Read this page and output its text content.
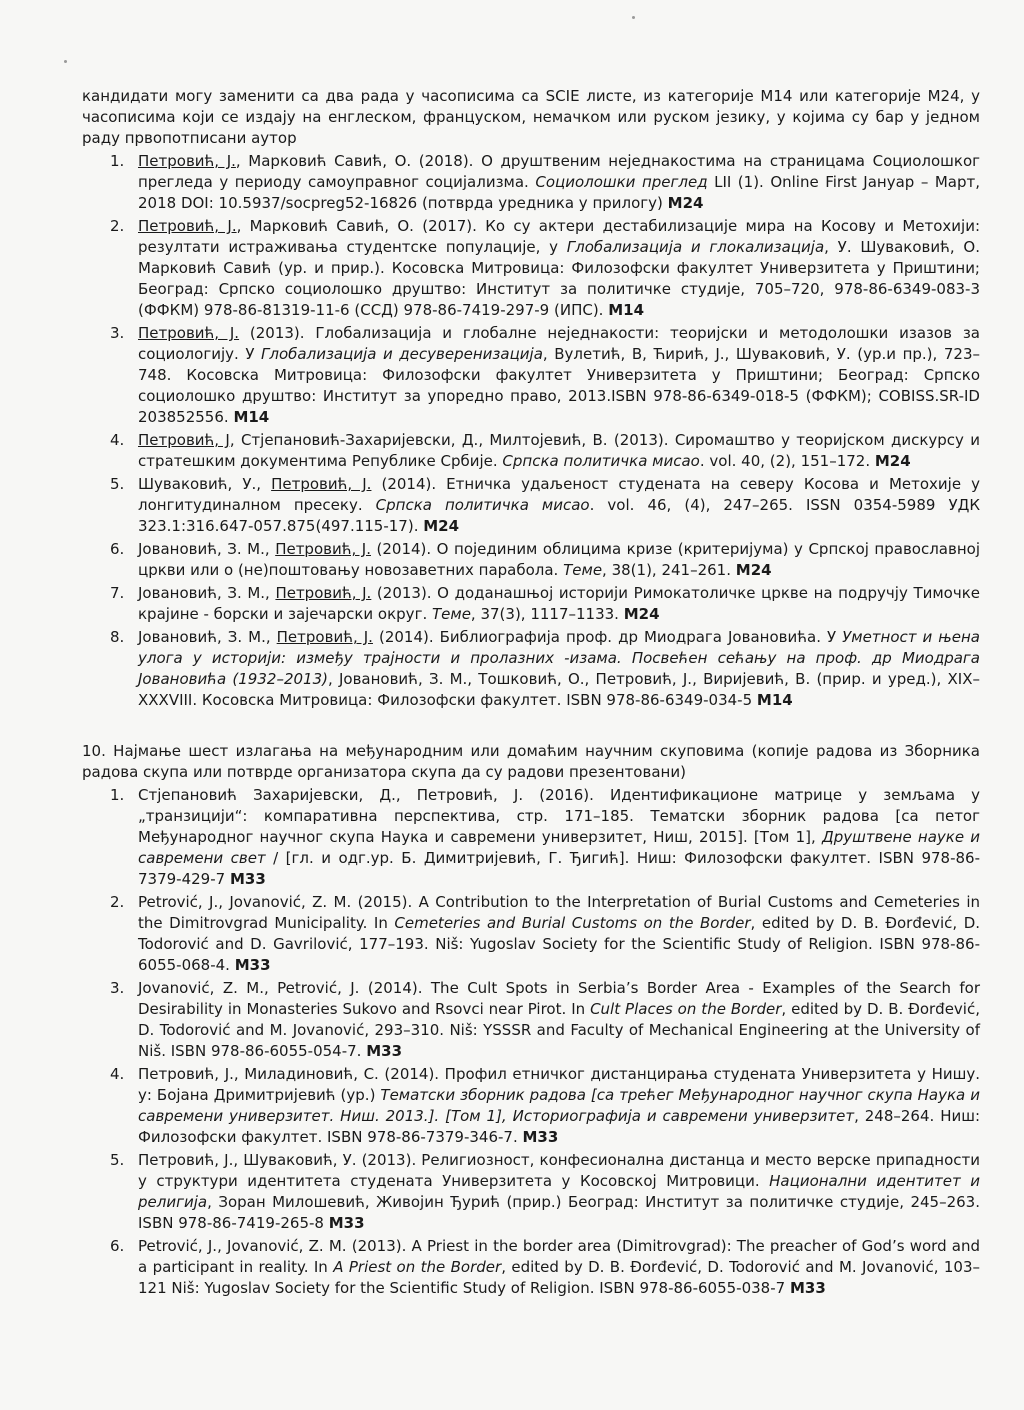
кандидати могу заменити са два рада у часописима са SCIE листе, из категорије M14 или категорије M24, у часописима који се издају на енглеском, француском, немачком или руском језику, у којима су бар у једном раду првопотписани аутор

1. Петровић, Ј., Марковић Савић, О. (2018). О друштвеним неједнакостима на страницама Социолошког прегледа у периоду самоуправног социјализма. Социолошки преглед LII (1). Online First Јануар – Март, 2018 DOI: 10.5937/socpreg52-16826 (потврда уредника у прилогу) M24
2. Петровић, Ј., Марковић Савић, О. (2017). Ко су актери дестабилизације мира на Косову и Метохији: резултати истраживања студентске популације, у Глобализација и глокализација, У. Шуваковић, О. Марковић Савић (ур. и прир.). Косовска Митровица: Филозофски факултет Универзитета у Приштини; Београд: Српско социолошко друштво: Институт за политичке студије, 705–720, 978-86-6349-083-3 (ФФКМ) 978-86-81319-11-6 (ССД) 978-86-7419-297-9 (ИПС). M14
3. Петровић, Ј. (2013). Глобализација и глобалне неједнакости: теоријски и методолошки изазов за социологију. У Глобализација и десуверенизација, Вулетић, В, Ћирић, Ј., Шуваковић, У. (ур.и пр.), 723–748. Косовска Митровица: Филозофски факултет Универзитета у Приштини; Београд: Српско социолошко друштво: Институт за упоредно право, 2013.ISBN 978-86-6349-018-5 (ФФКМ); COBISS.SR-ID 203852556. M14
4. Петровић, Ј, Стјепановић-Захаријевски, Д., Милтојевић, В. (2013). Сиромаштво у теоријском дискурсу и стратешким документима Републике Србије. Српска политичка мисао. vol. 40, (2), 151–172. M24
5. Шуваковић, У., Петровић, Ј. (2014). Етничка удаљеност студената на северу Косова и Метохије у лонгитудиналном пресеку. Српска политичка мисао. vol. 46, (4), 247–265. ISSN 0354-5989 УДК 323.1:316.647-057.875(497.115-17). M24
6. Јовановић, З. М., Петровић, Ј. (2014). О појединим облицима кризе (критеријума) у Српској православној цркви или о (не)поштовању новозаветних парабола. Теме, 38(1), 241–261. M24
7. Јовановић, З. М., Петровић, Ј. (2013). О доданашњој историји Римокатоличке цркве на подручју Тимочке крајине - борски и зајечарски округ. Теме, 37(3), 1117–1133. M24
8. Јовановић, З. М., Петровић, Ј. (2014). Библиографија проф. др Миодрага Јовановића. У Уметност и њена улога у историји: између трајности и пролазних -изама. Посвећен сећању на проф. др Миодрага Јовановића (1932–2013), Јовановић, З. М., Тошковић, О., Петровић, Ј., Виријевић, В. (прир. и уред.), XIX–XXXVIII. Косовска Митровица: Филозофски факултет. ISBN 978-86-6349-034-5 M14

10. Најмање шест излагања на међународним или домаћим научним скуповима (копије радова из Зборника радова скупа или потврде организатора скупа да су радови презентовани)

1. Стјепановић Захаријевски, Д., Петровић, Ј. (2016). Идентификационе матрице у земљама у „транзицији“: компаративна перспектива, стр. 171–185. Тематски зборник радова [са петог Међународног научног скупа Наука и савремени универзитет, Ниш, 2015]. [Том 1], Друштвене науке и савремени свет / [гл. и одг.ур. Б. Димитријевић, Г. Ђигић]. Ниш: Филозофски факултет. ISBN 978-86-7379-429-7 M33
2. Petrović, J., Jovanović, Z. M. (2015). A Contribution to the Interpretation of Burial Customs and Cemeteries in the Dimitrovgrad Municipality. In Cemeteries and Burial Customs on the Border, edited by D. B. Đorđević, D. Todorović and D. Gavrilović, 177–193. Niš: Yugoslav Society for the Scientific Study of Religion. ISBN 978-86-6055-068-4. M33
3. Jovanović, Z. M., Petrović, J. (2014). The Cult Spots in Serbia’s Border Area - Examples of the Search for Desirability in Monasteries Sukovo and Rsovci near Pirot. In Cult Places on the Border, edited by D. B. Đorđević, D. Todorović and M. Jovanović, 293–310. Niš: YSSSR and Faculty of Mechanical Engineering at the University of Niš. ISBN 978-86-6055-054-7. M33
4. Петровић, Ј., Миладиновић, С. (2014). Профил етничког дистанцирања студената Универзитета у Нишу. у: Бојана Дримитријевић (ур.) Тематски зборник радова [са трећег Међународног научног скупа Наука и савремени универзитет. Ниш. 2013.]. [Том 1], Историографија и савремени универзитет, 248–264. Ниш: Филозофски факултет. ISBN 978-86-7379-346-7. M33
5. Петровић, Ј., Шуваковић, У. (2013). Религиозност, конфесионална дистанца и место верске припадности у структури идентитета студената Универзитета у Косовској Митровици. Национални идентитет и религија, Зоран Милошевић, Живојин Ђурић (прир.) Београд: Институт за политичке студије, 245–263. ISBN 978-86-7419-265-8 M33
6. Petrović, J., Jovanović, Z. M. (2013). A Priest in the border area (Dimitrovgrad): The preacher of God’s word and a participant in reality. In A Priest on the Border, edited by D. B. Đorđević, D. Todorović and M. Jovanović, 103–121 Niš: Yugoslav Society for the Scientific Study of Religion. ISBN 978-86-6055-038-7 M33
